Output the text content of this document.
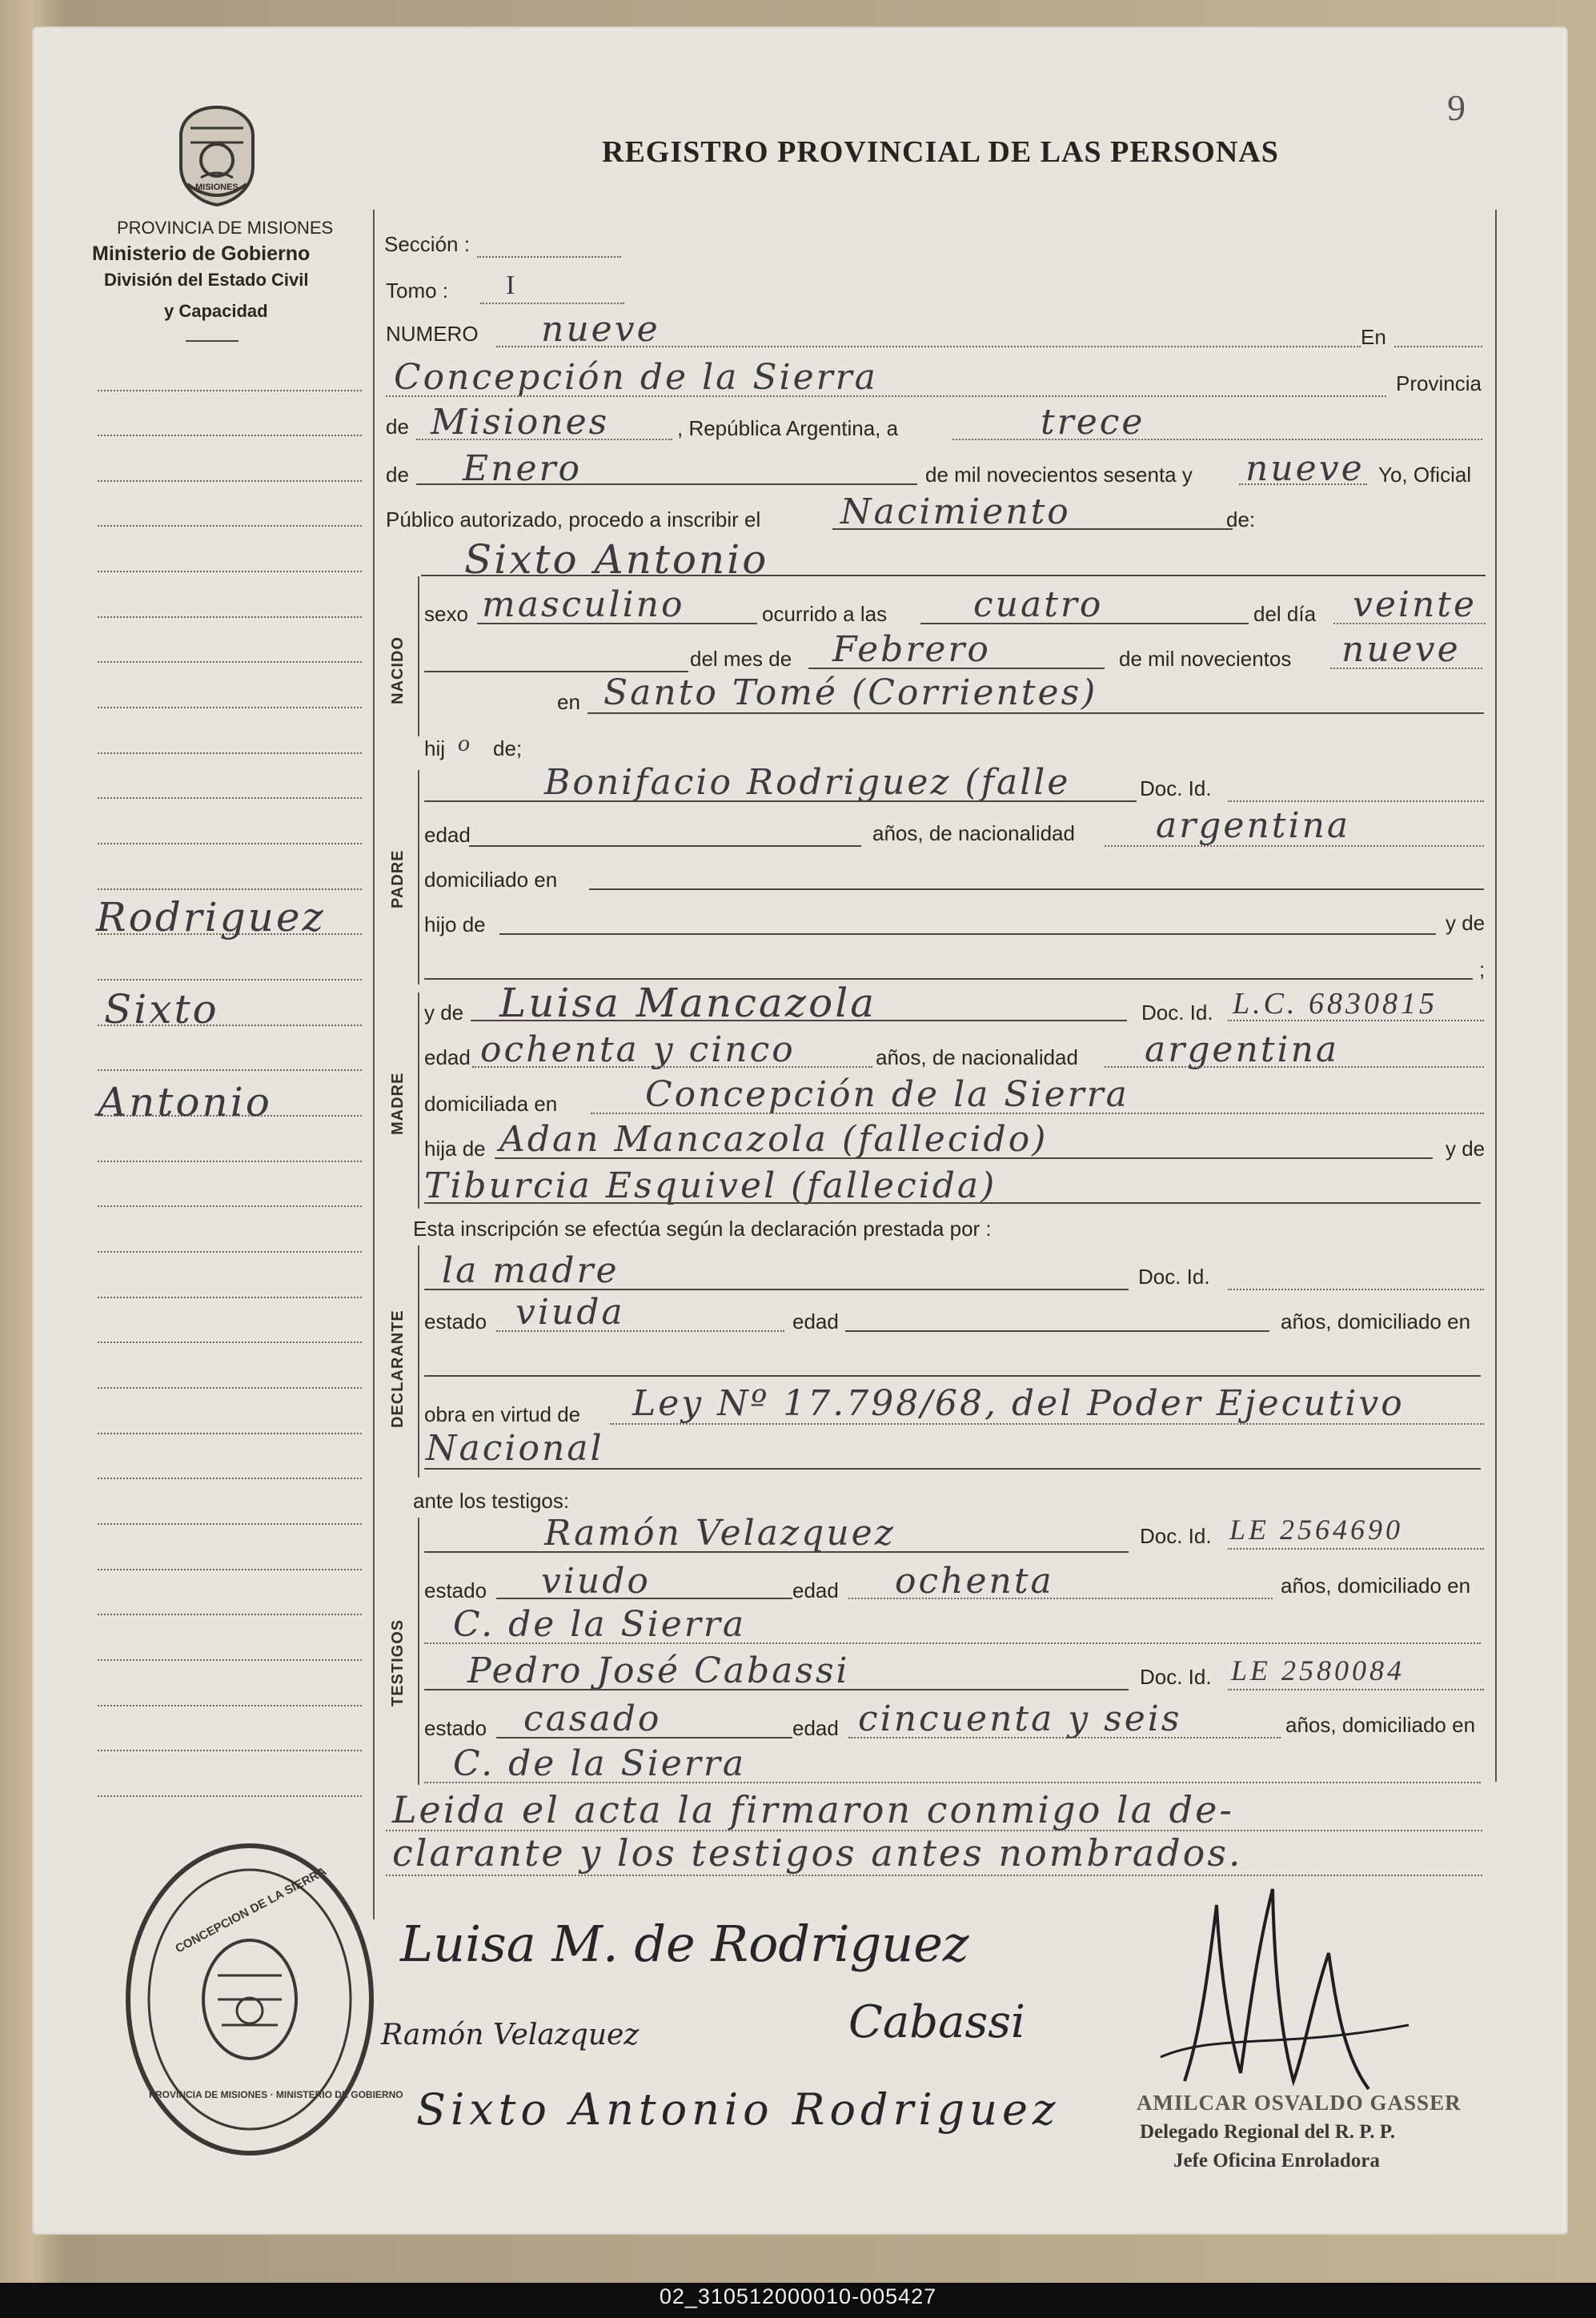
9
MISIONES
REGISTRO PROVINCIAL DE LAS PERSONAS
PROVINCIA DE MISIONES
Ministerio de Gobierno
División del Estado Civil
y Capacidad
Rodriguez
Sixto
Antonio
Sección :
Tomo : I
NUMERO nueve	En
Concepción de la Sierra	Provincia
de Misiones	, República Argentina, a	trece
de Enero	de mil novecientos sesenta y nueve Yo, Oficial
Público autorizado, procedo a inscribir el Nacimiento	de:
Sixto Antonio
NACIDO
sexo masculino	ocurrido a las cuatro	del día veinte
del mes de Febrero	de mil novecientos nueve
en Santo Tomé (Corrientes)
hij o de;
PADRE
Bonifacio Rodriguez (falle	Doc. Id.
edad	años, de nacionalidad argentina
domiciliado en
hijo de	y de
;
MADRE
y de Luisa Mancazola	Doc. Id. L.C. 6830815
edad ochenta y cinco	años, de nacionalidad argentina
domiciliada en Concepción de la Sierra
hija de Adan Mancazola (fallecido)	y de
Tiburcia Esquivel (fallecida)
Esta inscripción se efectúa según la declaración prestada por :
DECLARANTE
la madre	Doc. Id.
estado viuda	edad	años, domiciliado en
obra en virtud de Ley Nº 17.798/68, del Poder Ejecutivo
Nacional
ante los testigos:
TESTIGOS
Ramón Velazquez	Doc. Id. LE 2564690
estado viudo	edad ochenta	años, domiciliado en
C. de la Sierra
Pedro José Cabassi	Doc. Id. LE 2580084
estado casado	edad cincuenta y seis	años, domiciliado en
C. de la Sierra
Leida el acta la firmaron conmigo la de-
clarante y los testigos antes nombrados.
Luisa M. de Rodriguez
Ramón Velazquez	Cabassi
Sixto Antonio Rodriguez	AMILCAR OSVALDO GASSER
Delegado Regional del R. P. P.
Jefe Oficina Enroladora
CONCEPCION DE LA SIERRA
PROVINCIA DE MISIONES · MINISTERIO DE GOBIERNO
02_310512000010-005427
